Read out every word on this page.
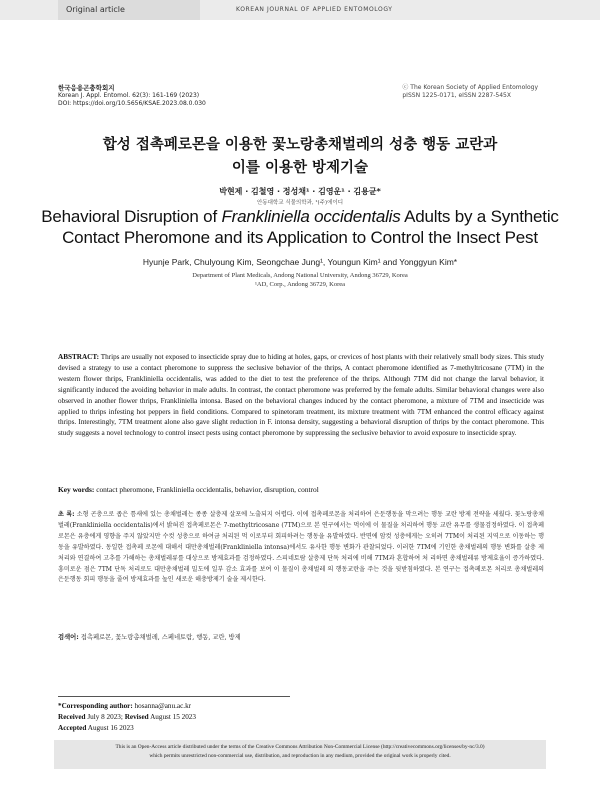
Original article	KOREAN JOURNAL OF APPLIED ENTOMOLOGY
한국응용곤충학회지
Korean J. Appl. Entomol. 62(3): 161-169 (2023)
DOI: https://doi.org/10.5656/KSAE.2023.08.0.030
ⓒ The Korean Society of Applied Entomology
pISSN 1225-0171, eISSN 2287-545X
합성 접촉페로몬을 이용한 꽃노랑총채벌레의 성충 행동 교란과
이를 이용한 방제기술
박현제 · 김철영 · 정성채¹ · 김영운¹ · 김용균*
안동대학교 식물의학과, ¹(주)에이디
Behavioral Disruption of Frankliniella occidentalis Adults by a Synthetic
Contact Pheromone and its Application to Control the Insect Pest
Hyunje Park, Chulyoung Kim, Seongchae Jung¹, Youngun Kim¹ and Yonggyun Kim*
Department of Plant Medicals, Andong National University, Andong 36729, Korea
¹AD, Corp., Andong 36729, Korea
ABSTRACT: Thrips are usually not exposed to insecticide spray due to hiding at holes, gaps, or crevices of host plants with their relatively small body sizes. This study devised a strategy to use a contact pheromone to suppress the seclusive behavior of the thrips, A contact pheromone identified as 7-methyltricosane (7TM) in the western flower thrips, Frankliniella occidentalis, was added to the diet to test the preference of the thrips. Although 7TM did not change the larval behavior, it significantly induced the avoiding behavior in male adults. In contrast, the contact pheromone was preferred by the female adults. Similar behavioral changes were also observed in another flower thrips, Frankliniella intonsa. Based on the behavioral changes induced by the contact pheromone, a mixture of 7TM and insecticide was applied to thrips infesting hot peppers in field conditions. Compared to spinetoram treatment, its mixture treatment with 7TM enhanced the control efficacy against thrips. Interestingly, 7TM treatment alone also gave slight reduction in F. intonsa density, suggesting a behavioral disruption of thrips by the contact pheromone. This study suggests a novel technology to control insect pests using contact pheromone by suppressing the seclusive behavior to avoid exposure to insecticide spray.
Key words: contact pheromone, Frankliniella occidentalis, behavior, disruption, control
초 록: 소형 곤충으로 좁은 틈새에 있는 총채벌레는 종종 살충제 살포에 노출되지 어렵다. 이에 접촉페로몬을 처리하여 은둔행동을 막으려는 행동 교란 방제 전략을 세웠다. 꽃노랑총채벌레(Frankliniella occidentalis)에서 밝혀진 접촉페로몬은 7-methyltricosane (7TM)으로 본 연구에서는 먹이에 이 물질을 처리하여 행동 교란 유무를 생물검정하였다. 이 접촉페로몬은 유충에게 영향을 주지 않았지만 수컷 성충으로 하여금 처리된 먹 이로부터 회피하려는 행동을 유발하였다. 반면에 암컷 성충에게는 오히려 7TM이 처리된 지역으로 이동하는 행동을 유발하였다. 동일한 접촉페 로몬에 대해서 대만총채벌레(Frankliniella intonsa)에서도 유사한 행동 변화가 관찰되었다. 이러한 7TM에 기인한 총채벌레의 행동 변화를 살충 제 처리와 연결하여 고추를 가해하는 총채벌레류를 대상으로 방제효과를 검정하였다. 스피네토람 살충제 단독 처리에 비해 7TM과 혼합하여 처 리하면 총채벌레류 방제효율이 증가하였다. 흥미로운 점은 7TM 단독 처리로도 대만총채벌레 밀도에 일부 감소 효과를 보여 이 물질이 총채벌레 의 행동교란을 주는 것을 뒷받침하였다. 본 연구는 접촉페로몬 처리로 총채벌레의 은둔행동 회피 행동을 줄여 방제효과를 높인 새로운 해충방제기 술을 제시한다.
검색어: 접촉페로몬, 꽃노랑총채벌레, 스페네토람, 행동, 교란, 방제
*Corresponding author: hosanna@anu.ac.kr
Received July 8 2023; Revised August 15 2023
Accepted August 16 2023
This is an Open-Access article distributed under the terms of the Creative Commons Attribution Non-Commercial License (http://creativecommons.org/licenses/by-nc/3.0)
which permits unrestricted non-commercial use, distribution, and reproduction in any medium, provided the original work is properly cited.
